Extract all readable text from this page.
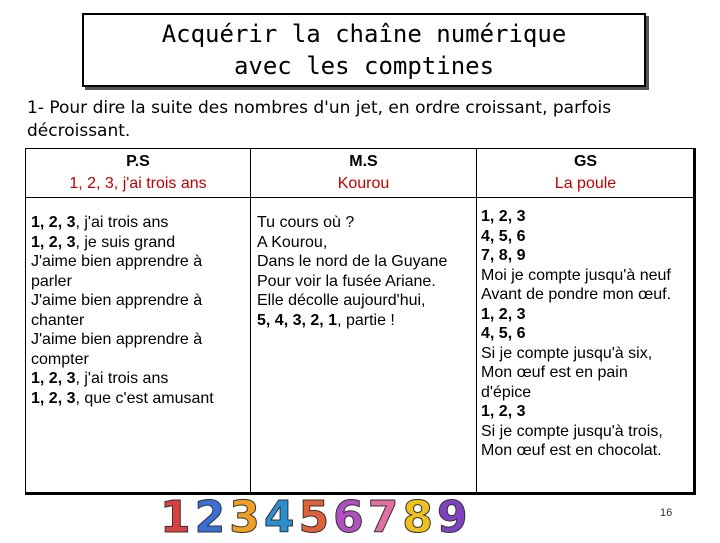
Acquérir la chaîne numérique
avec les comptines
1- Pour dire la suite des nombres d'un jet, en ordre croissant, parfois
décroissant.
P.S
1, 2, 3, j'ai trois ans
M.S
Kourou
GS
La poule
1, 2, 3, j'ai trois ans
1, 2, 3, je suis grand
J'aime bien apprendre à
parler
J'aime bien apprendre à
chanter
J'aime bien apprendre à
compter
1, 2, 3, j'ai trois ans
1, 2, 3, que c'est amusant
Tu cours où ?
A Kourou,
Dans le nord de la Guyane
Pour voir la fusée Ariane.
Elle décolle aujourd'hui,
5, 4, 3, 2, 1, partie !
1, 2, 3
4, 5, 6
7, 8, 9
Moi je compte jusqu'à neuf
Avant de pondre mon œuf.
1, 2, 3
4, 5, 6
Si je compte jusqu'à six,
Mon œuf est en pain
d'épice
1, 2, 3
Si je compte jusqu'à trois,
Mon œuf est en chocolat.
1 2 3 4 5 6 7 8 9	16
